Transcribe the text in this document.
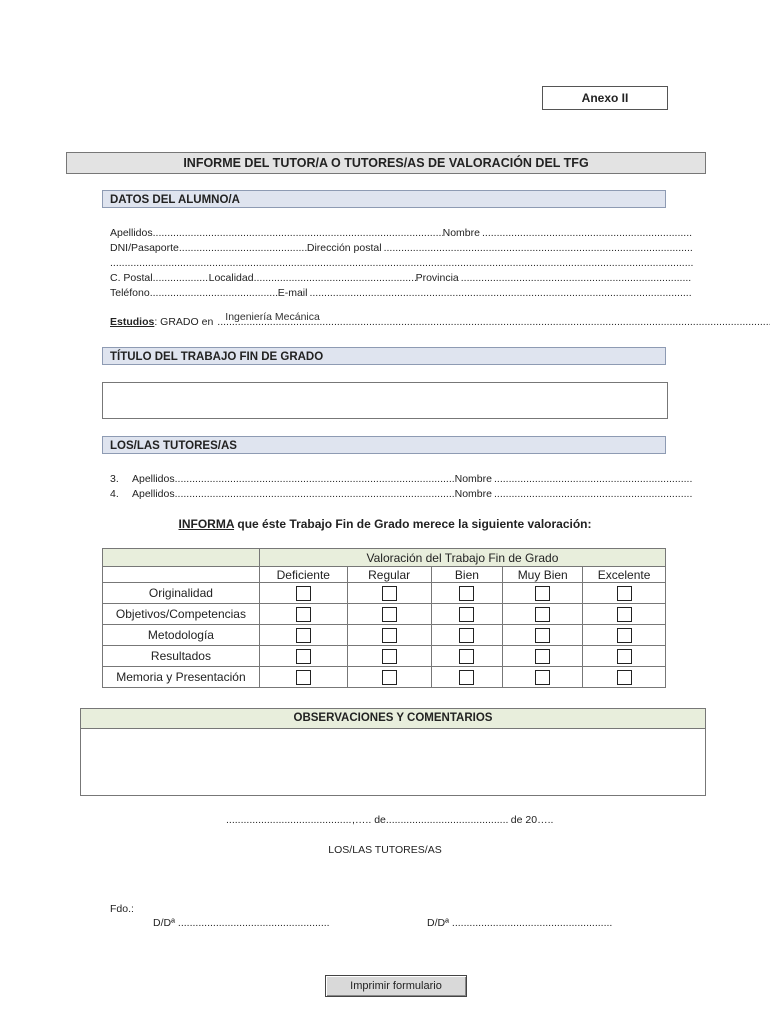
Anexo II
INFORME DEL TUTOR/A O TUTORES/AS DE VALORACIÓN DEL TFG
DATOS DEL ALUMNO/A
Apellidos .....	Nombre
.....
DNI/Pasaporte .....	Dirección postal
.....
.....
C. Postal .....	Localidad .....	Provincia
.....
Teléfono .....	E-mail
.....
Estudios : GRADO en ..... Ingeniería Mecánica
TÍTULO DEL TRABAJO FIN DE GRADO
LOS/LAS TUTORES/AS
3.	Apellidos .....	Nombre
.....
4.	Apellidos .....	Nombre
.....
INFORMA que éste Trabajo Fin de Grado merece la siguiente valoración:
	Valoración del Trabajo Fin de Grado				
	Deficiente	Regular	Bien	Muy Bien	Excelente
Originalidad					
Objetivos/Competencias					
Metodología					
Resultados					
Memoria y Presentación					
OBSERVACIONES Y COMENTARIOS
.....,….. de .....	de 20…..
LOS/LAS TUTORES/AS
Fdo.:
D/Dª .....	D/Dª .....
Imprimir formulario
